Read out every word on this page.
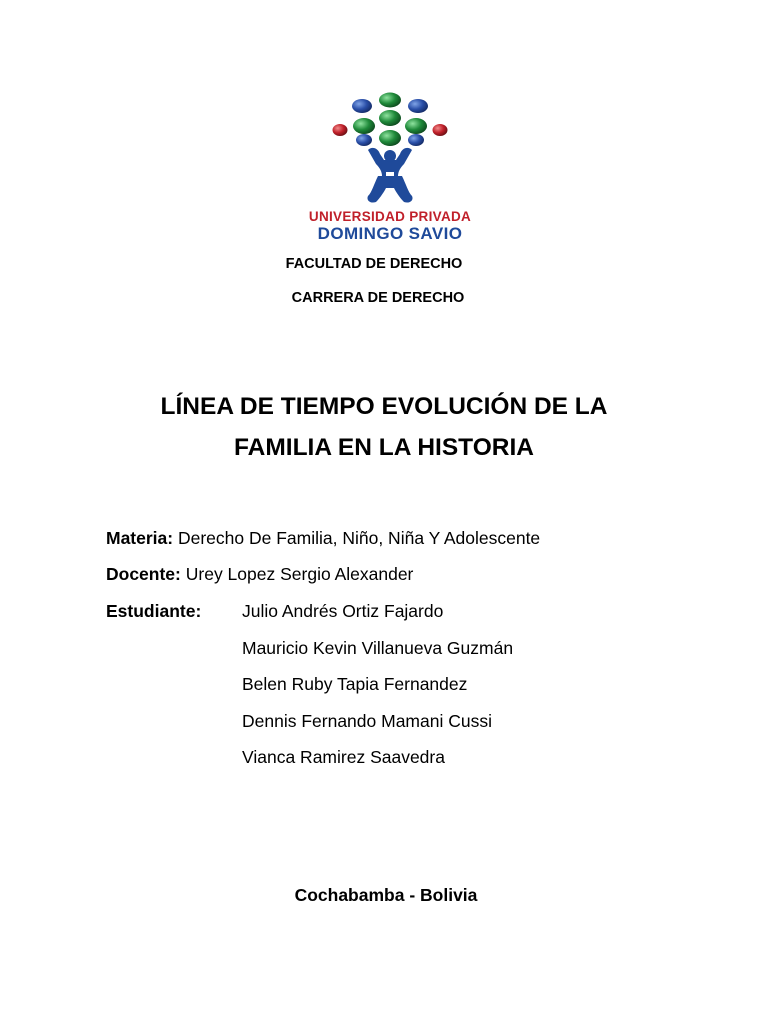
UNIVERSIDAD PRIVADA
DOMINGO SAVIO
FACULTAD DE DERECHO
CARRERA DE DERECHO
LÍNEA DE TIEMPO EVOLUCIÓN DE LA
FAMILIA EN LA HISTORIA
Materia: Derecho De Familia, Niño, Niña Y Adolescente
Docente: Urey Lopez Sergio Alexander
Estudiante: Julio Andrés Ortiz Fajardo
Mauricio Kevin Villanueva Guzmán
Belen Ruby Tapia Fernandez
Dennis Fernando Mamani Cussi
Vianca Ramirez Saavedra
Cochabamba - Bolivia
